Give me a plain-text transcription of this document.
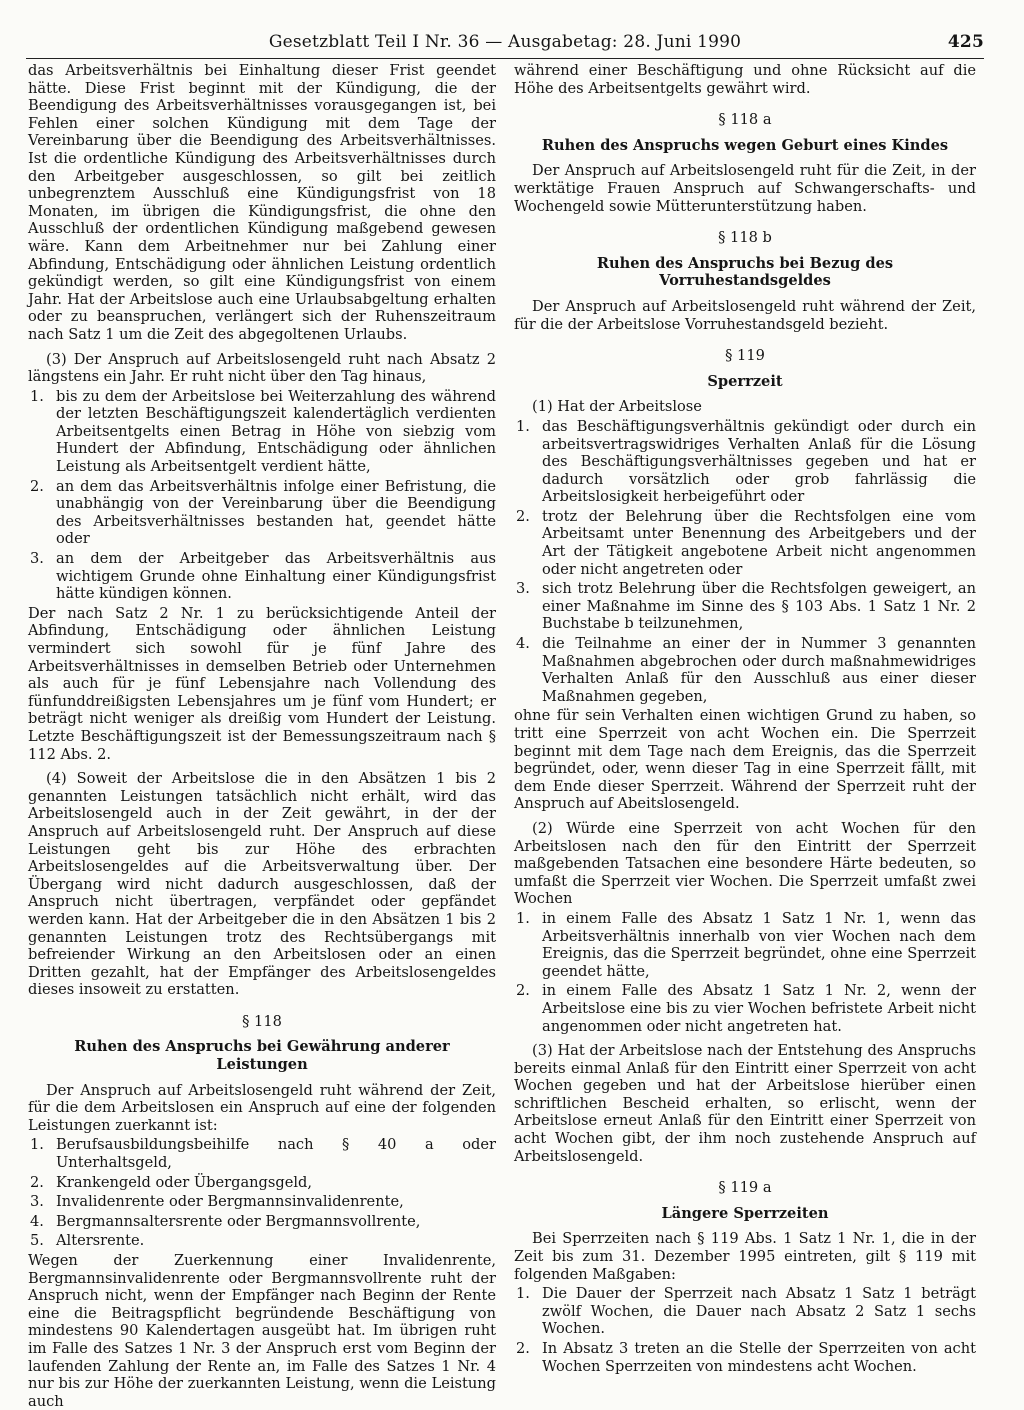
Gesetzblatt Teil I Nr. 36 — Ausgabetag: 28. Juni 1990	425

das Arbeitsverhältnis bei Einhaltung dieser Frist geendet hätte. Diese Frist beginnt mit der Kündigung, die der Beendigung des Arbeitsverhältnisses vorausgegangen ist, bei Fehlen einer solchen Kündigung mit dem Tage der Vereinbarung über die Beendigung des Arbeitsverhältnisses. Ist die ordentliche Kündigung des Arbeitsverhältnisses durch den Arbeitgeber ausgeschlossen, so gilt bei zeitlich unbegrenztem Ausschluß eine Kündigungsfrist von 18 Monaten, im übrigen die Kündigungsfrist, die ohne den Ausschluß der ordentlichen Kündigung maßgebend gewesen wäre. Kann dem Arbeitnehmer nur bei Zahlung einer Abfindung, Entschädigung oder ähnlichen Leistung ordentlich gekündigt werden, so gilt eine Kündigungsfrist von einem Jahr. Hat der Arbeitslose auch eine Urlaubsabgeltung erhalten oder zu beanspruchen, verlängert sich der Ruhenszeitraum nach Satz 1 um die Zeit des abgegoltenen Urlaubs.

(3) Der Anspruch auf Arbeitslosengeld ruht nach Absatz 2 längstens ein Jahr. Er ruht nicht über den Tag hinaus,

1. bis zu dem der Arbeitslose bei Weiterzahlung des während der letzten Beschäftigungszeit kalendertäglich verdienten Arbeitsentgelts einen Betrag in Höhe von siebzig vom Hundert der Abfindung, Entschädigung oder ähnlichen Leistung als Arbeitsentgelt verdient hätte,
2. an dem das Arbeitsverhältnis infolge einer Befristung, die unabhängig von der Vereinbarung über die Beendigung des Arbeitsverhältnisses bestanden hat, geendet hätte oder
3. an dem der Arbeitgeber das Arbeitsverhältnis aus wichtigem Grunde ohne Einhaltung einer Kündigungsfrist hätte kündigen können.

Der nach Satz 2 Nr. 1 zu berücksichtigende Anteil der Abfindung, Entschädigung oder ähnlichen Leistung vermindert sich sowohl für je fünf Jahre des Arbeitsverhältnisses in demselben Betrieb oder Unternehmen als auch für je fünf Lebensjahre nach Vollendung des fünfunddreißigsten Lebensjahres um je fünf vom Hundert; er beträgt nicht weniger als dreißig vom Hundert der Leistung. Letzte Beschäftigungszeit ist der Bemessungszeitraum nach § 112 Abs. 2.

(4) Soweit der Arbeitslose die in den Absätzen 1 bis 2 genannten Leistungen tatsächlich nicht erhält, wird das Arbeitslosengeld auch in der Zeit gewährt, in der der Anspruch auf Arbeitslosengeld ruht. Der Anspruch auf diese Leistungen geht bis zur Höhe des erbrachten Arbeitslosengeldes auf die Arbeitsverwaltung über. Der Übergang wird nicht dadurch ausgeschlossen, daß der Anspruch nicht übertragen, verpfändet oder gepfändet werden kann. Hat der Arbeitgeber die in den Absätzen 1 bis 2 genannten Leistungen trotz des Rechtsübergangs mit befreiender Wirkung an den Arbeitslosen oder an einen Dritten gezahlt, hat der Empfänger des Arbeitslosengeldes dieses insoweit zu erstatten.

§ 118

Ruhen des Anspruchs bei Gewährung anderer Leistungen

Der Anspruch auf Arbeitslosengeld ruht während der Zeit, für die dem Arbeitslosen ein Anspruch auf eine der folgenden Leistungen zuerkannt ist:

1. Berufsausbildungsbeihilfe nach § 40 a oder Unterhaltsgeld,
2. Krankengeld oder Übergangsgeld,
3. Invalidenrente oder Bergmannsinvalidenrente,
4. Bergmannsaltersrente oder Bergmannsvollrente,
5. Altersrente.

Wegen der Zuerkennung einer Invalidenrente, Bergmannsinvalidenrente oder Bergmannsvollrente ruht der Anspruch nicht, wenn der Empfänger nach Beginn der Rente eine die Beitragspflicht begründende Beschäftigung von mindestens 90 Kalendertagen ausgeübt hat. Im übrigen ruht im Falle des Satzes 1 Nr. 3 der Anspruch erst vom Beginn der laufenden Zahlung der Rente an, im Falle des Satzes 1 Nr. 4 nur bis zur Höhe der zuerkannten Leistung, wenn die Leistung auch

während einer Beschäftigung und ohne Rücksicht auf die Höhe des Arbeitsentgelts gewährt wird.

§ 118 a

Ruhen des Anspruchs wegen Geburt eines Kindes

Der Anspruch auf Arbeitslosengeld ruht für die Zeit, in der werktätige Frauen Anspruch auf Schwangerschafts- und Wochengeld sowie Mütterunterstützung haben.

§ 118 b

Ruhen des Anspruchs bei Bezug des Vorruhestandsgeldes

Der Anspruch auf Arbeitslosengeld ruht während der Zeit, für die der Arbeitslose Vorruhestandsgeld bezieht.

§ 119

Sperrzeit

(1) Hat der Arbeitslose

1. das Beschäftigungsverhältnis gekündigt oder durch ein arbeitsvertragswidriges Verhalten Anlaß für die Lösung des Beschäftigungsverhältnisses gegeben und hat er dadurch vorsätzlich oder grob fahrlässig die Arbeitslosigkeit herbeigeführt oder
2. trotz der Belehrung über die Rechtsfolgen eine vom Arbeitsamt unter Benennung des Arbeitgebers und der Art der Tätigkeit angebotene Arbeit nicht angenommen oder nicht angetreten oder
3. sich trotz Belehrung über die Rechtsfolgen geweigert, an einer Maßnahme im Sinne des § 103 Abs. 1 Satz 1 Nr. 2 Buchstabe b teilzunehmen,
4. die Teilnahme an einer der in Nummer 3 genannten Maßnahmen abgebrochen oder durch maßnahmewidriges Verhalten Anlaß für den Ausschluß aus einer dieser Maßnahmen gegeben,

ohne für sein Verhalten einen wichtigen Grund zu haben, so tritt eine Sperrzeit von acht Wochen ein. Die Sperrzeit beginnt mit dem Tage nach dem Ereignis, das die Sperrzeit begründet, oder, wenn dieser Tag in eine Sperrzeit fällt, mit dem Ende dieser Sperrzeit. Während der Sperrzeit ruht der Anspruch auf Abeitslosengeld.

(2) Würde eine Sperrzeit von acht Wochen für den Arbeitslosen nach den für den Eintritt der Sperrzeit maßgebenden Tatsachen eine besondere Härte bedeuten, so umfaßt die Sperrzeit vier Wochen. Die Sperrzeit umfaßt zwei Wochen

1. in einem Falle des Absatz 1 Satz 1 Nr. 1, wenn das Arbeitsverhältnis innerhalb von vier Wochen nach dem Ereignis, das die Sperrzeit begründet, ohne eine Sperrzeit geendet hätte,
2. in einem Falle des Absatz 1 Satz 1 Nr. 2, wenn der Arbeitslose eine bis zu vier Wochen befristete Arbeit nicht angenommen oder nicht angetreten hat.

(3) Hat der Arbeitslose nach der Entstehung des Anspruchs bereits einmal Anlaß für den Eintritt einer Sperrzeit von acht Wochen gegeben und hat der Arbeitslose hierüber einen schriftlichen Bescheid erhalten, so erlischt, wenn der Arbeitslose erneut Anlaß für den Eintritt einer Sperrzeit von acht Wochen gibt, der ihm noch zustehende Anspruch auf Arbeitslosengeld.

§ 119 a

Längere Sperrzeiten

Bei Sperrzeiten nach § 119 Abs. 1 Satz 1 Nr. 1, die in der Zeit bis zum 31. Dezember 1995 eintreten, gilt § 119 mit folgenden Maßgaben:

1. Die Dauer der Sperrzeit nach Absatz 1 Satz 1 beträgt zwölf Wochen, die Dauer nach Absatz 2 Satz 1 sechs Wochen.
2. In Absatz 3 treten an die Stelle der Sperrzeiten von acht Wochen Sperrzeiten von mindestens acht Wochen.
